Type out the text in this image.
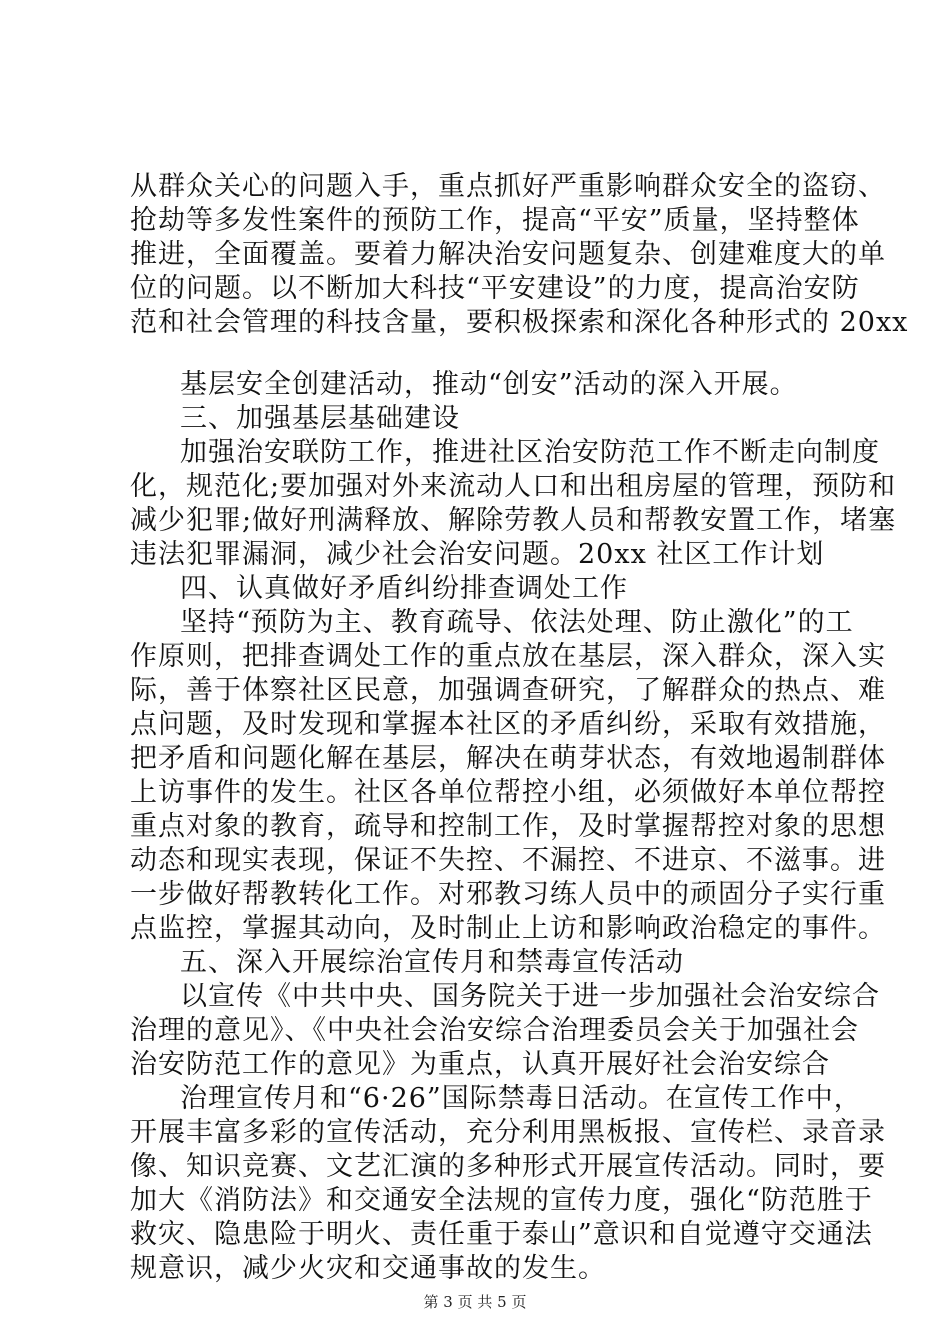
从群众关心的问题入手，重点抓好严重影响群众安全的盗窃、
抢劫等多发性案件的预防工作，提高“平安”质量，坚持整体
推进，全面覆盖。要着力解决治安问题复杂、创建难度大的单
位的问题。以不断加大科技“平安建设”的力度，提高治安防
范和社会管理的科技含量，要积极探索和深化各种形式的 20xx
基层安全创建活动，推动“创安”活动的深入开展。
三、加强基层基础建设
加强治安联防工作，推进社区治安防范工作不断走向制度
化，规范化;要加强对外来流动人口和出租房屋的管理，预防和
减少犯罪;做好刑满释放、解除劳教人员和帮教安置工作，堵塞
违法犯罪漏洞，减少社会治安问题。20xx 社区工作计划
四、认真做好矛盾纠纷排查调处工作
坚持“预防为主、教育疏导、依法处理、防止激化”的工
作原则，把排查调处工作的重点放在基层，深入群众，深入实
际，善于体察社区民意，加强调查研究，了解群众的热点、难
点问题，及时发现和掌握本社区的矛盾纠纷，采取有效措施，
把矛盾和问题化解在基层，解决在萌芽状态，有效地遏制群体
上访事件的发生。社区各单位帮控小组，必须做好本单位帮控
重点对象的教育，疏导和控制工作，及时掌握帮控对象的思想
动态和现实表现，保证不失控、不漏控、不进京、不滋事。进
一步做好帮教转化工作。对邪教习练人员中的顽固分子实行重
点监控，掌握其动向，及时制止上访和影响政治稳定的事件。
五、深入开展综治宣传月和禁毒宣传活动
以宣传《中共中央、国务院关于进一步加强社会治安综合
治理的意见》、《中央社会治安综合治理委员会关于加强社会
治安防范工作的意见》为重点，认真开展好社会治安综合
治理宣传月和“6·26”国际禁毒日活动。在宣传工作中，
开展丰富多彩的宣传活动，充分利用黑板报、宣传栏、录音录
像、知识竞赛、文艺汇演的多种形式开展宣传活动。同时，要
加大《消防法》和交通安全法规的宣传力度，强化“防范胜于
救灾、隐患险于明火、责任重于泰山”意识和自觉遵守交通法
规意识，减少火灾和交通事故的发生。
第 3 页 共 5 页
